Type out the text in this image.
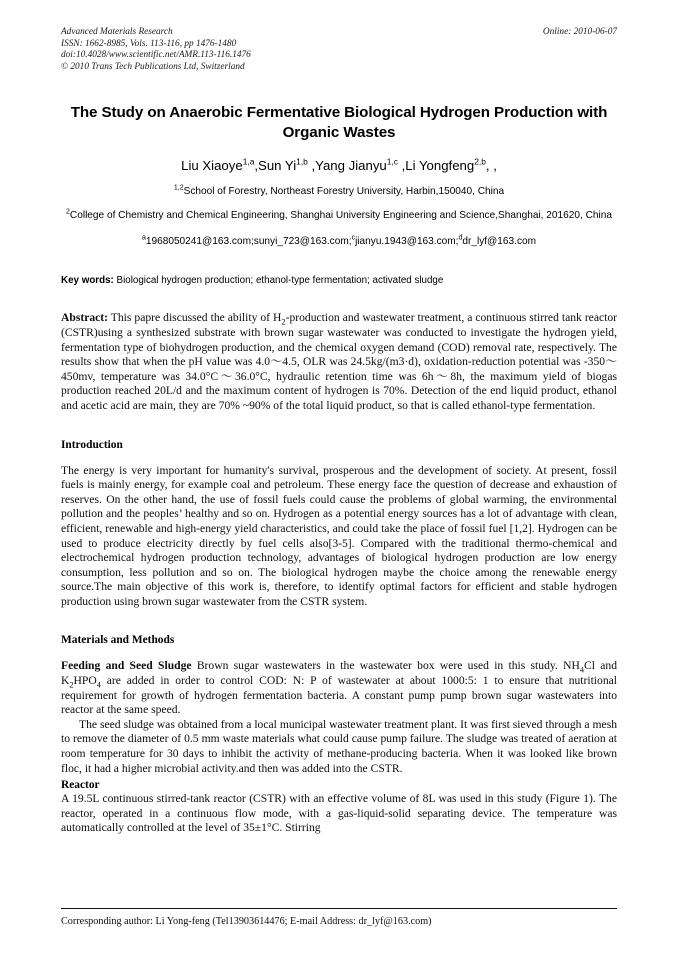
Advanced Materials Research	Online: 2010-06-07
ISSN: 1662-8985, Vols. 113-116, pp 1476-1480
doi:10.4028/www.scientific.net/AMR.113-116.1476
© 2010 Trans Tech Publications Ltd, Switzerland
The Study on Anaerobic Fermentative Biological Hydrogen Production with Organic Wastes
Liu Xiaoye$^{1,a}$,Sun Yi$^{1,b}$ ,Yang Jianyu$^{1,c}$ ,Li Yongfeng$^{2,b}$, ,
$^{1,2}$School of Forestry, Northeast Forestry University, Harbin,150040, China
$^2$College of Chemistry and Chemical Engineering, Shanghai University Engineering and Science,Shanghai, 201620, China
$^a$1968050241@163.com;sunyi_723@163.com;$^c$jianyu.1943@163.com;$^d$dr_lyf@163.com
Key words: Biological hydrogen production; ethanol-type fermentation; activated sludge
Abstract: This papre discussed the ability of $H_2$-production and wastewater treatment, a continuous stirred tank reactor (CSTR)using a synthesized substrate with brown sugar wastewater was conducted to investigate the hydrogen yield, fermentation type of biohydrogen production, and the chemical oxygen demand (COD) removal rate, respectively. The results show that when the pH value was 4.0～4.5, OLR was 24.5kg/(m3·d), oxidation-reduction potential was -350～450mv, temperature was 34.0°C～36.0°C, hydraulic retention time was 6h～8h, the maximum yield of biogas production reached 20L/d and the maximum content of hydrogen is 70%. Detection of the end liquid product, ethanol and acetic acid are main, they are 70% ~90% of the total liquid product, so that is called ethanol-type fermentation.
Introduction

The energy is very important for humanity's survival, prosperous and the development of society. At present, fossil fuels is mainly energy, for example coal and petroleum. These energy face the question of decrease and exhaustion of reserves. On the other hand, the use of fossil fuels could cause the problems of global warming, the environmental pollution and the peoples’ healthy and so on. Hydrogen as a potential energy sources has a lot of advantage with clean, efficient, renewable and high-energy yield characteristics, and could take the place of fossil fuel [1,2]. Hydrogen can be used to produce electricity directly by fuel cells also[3-5]. Compared with the traditional thermo-chemical and electrochemical hydrogen production technology, advantages of biological hydrogen production are low energy consumption, less pollution and so on. The biological hydrogen maybe the choice among the renewable energy source.The main objective of this work is, therefore, to identify optimal factors for efficient and stable hydrogen production using brown sugar wastewater from the CSTR system.

Materials and Methods

Feeding and Seed Sludge Brown sugar wastewaters in the wastewater box were used in this study. $NH_4Cl$ and $K_2HPO_4$ are added in order to control COD: N: P of wastewater at about 1000:5: 1 to ensure that nutritional requirement for growth of hydrogen fermentation bacteria. A constant pump pump brown sugar wastewaters into reactor at the same speed.

The seed sludge was obtained from a local municipal wastewater treatment plant. It was first sieved through a mesh to remove the diameter of 0.5 mm waste materials what could cause pump failure. The sludge was treated of aeration at room temperature for 30 days to inhibit the activity of methane-producing bacteria. When it was looked like brown floc, it had a higher microbial activity.and then was added into the CSTR.

Reactor

A 19.5L continuous stirred-tank reactor (CSTR) with an effective volume of 8L was used in this study (Figure 1). The reactor, operated in a continuous flow mode, with a gas-liquid-solid separating device. The temperature was automatically controlled at the level of 35±1°C. Stirring

Corresponding author: Li Yong-feng (Tel13903614476; E-mail Address: dr_lyf@163.com)
